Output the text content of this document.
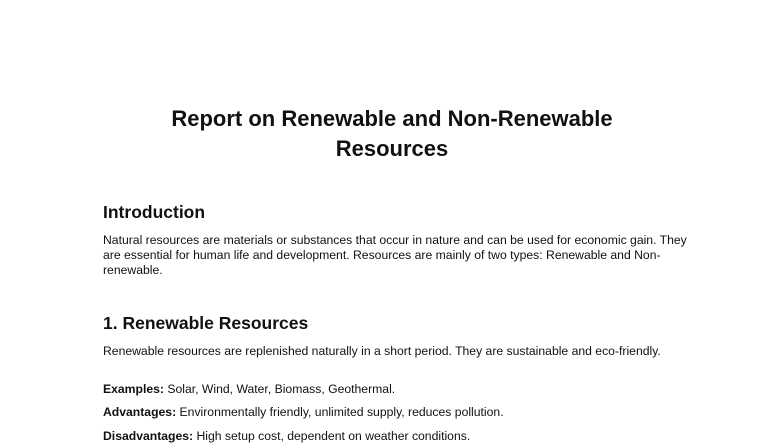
Report on Renewable and Non-Renewable
Resources
Introduction

Natural resources are materials or substances that occur in nature and can be used for economic gain. They are essential for human life and development. Resources are mainly of two types: Renewable and Non-renewable.

1. Renewable Resources

Renewable resources are replenished naturally in a short period. They are sustainable and eco-friendly.

Examples: Solar, Wind, Water, Biomass, Geothermal.

Advantages: Environmentally friendly, unlimited supply, reduces pollution.

Disadvantages: High setup cost, dependent on weather conditions.
